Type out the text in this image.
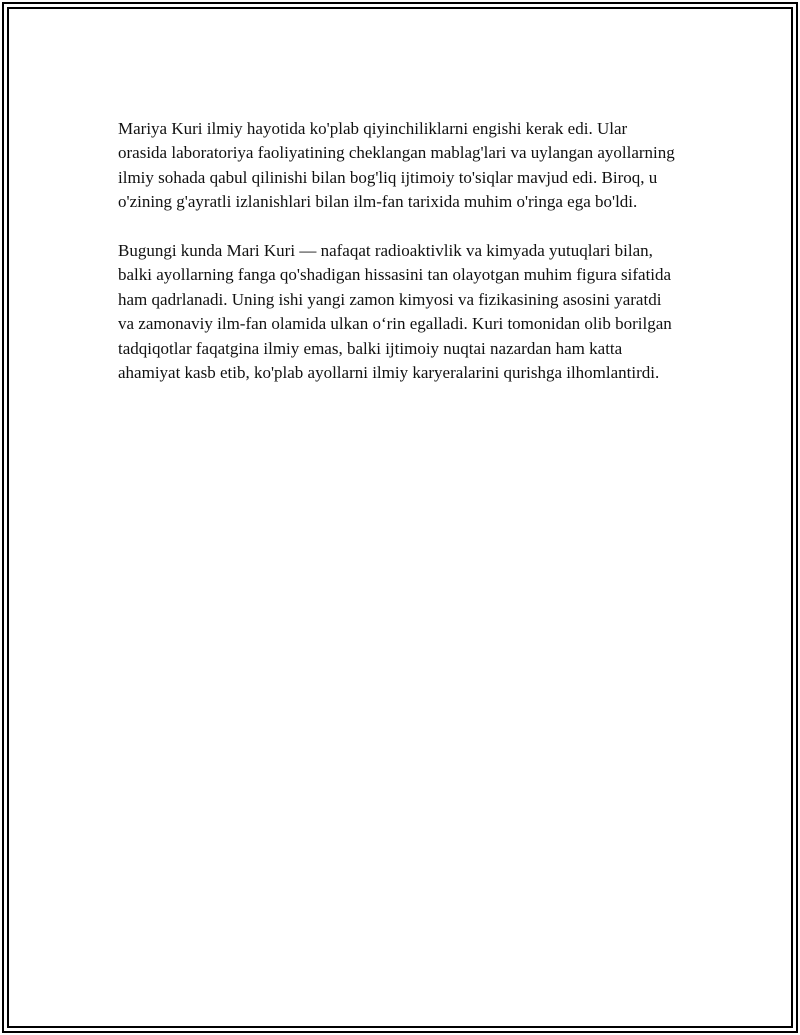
Mariya Kuri ilmiy hayotida ko'plab qiyinchiliklarni engishi kerak edi. Ular orasida laboratoriya faoliyatining cheklangan mablag'lari va uylangan ayollarning ilmiy sohada qabul qilinishi bilan bog'liq ijtimoiy to'siqlar mavjud edi. Biroq, u o'zining g'ayratli izlanishlari bilan ilm-fan tarixida muhim o'ringa ega bo'ldi.

Bugungi kunda Mari Kuri — nafaqat radioaktivlik va kimyada yutuqlari bilan, balki ayollarning fanga qo'shadigan hissasini tan olayotgan muhim figura sifatida ham qadrlanadi. Uning ishi yangi zamon kimyosi va fizikasining asosini yaratdi va zamonaviy ilm-fan olamida ulkan o‘rin egalladi. Kuri tomonidan olib borilgan tadqiqotlar faqatgina ilmiy emas, balki ijtimoiy nuqtai nazardan ham katta ahamiyat kasb etib, ko'plab ayollarni ilmiy karyeralarini qurishga ilhomlantirdi.
